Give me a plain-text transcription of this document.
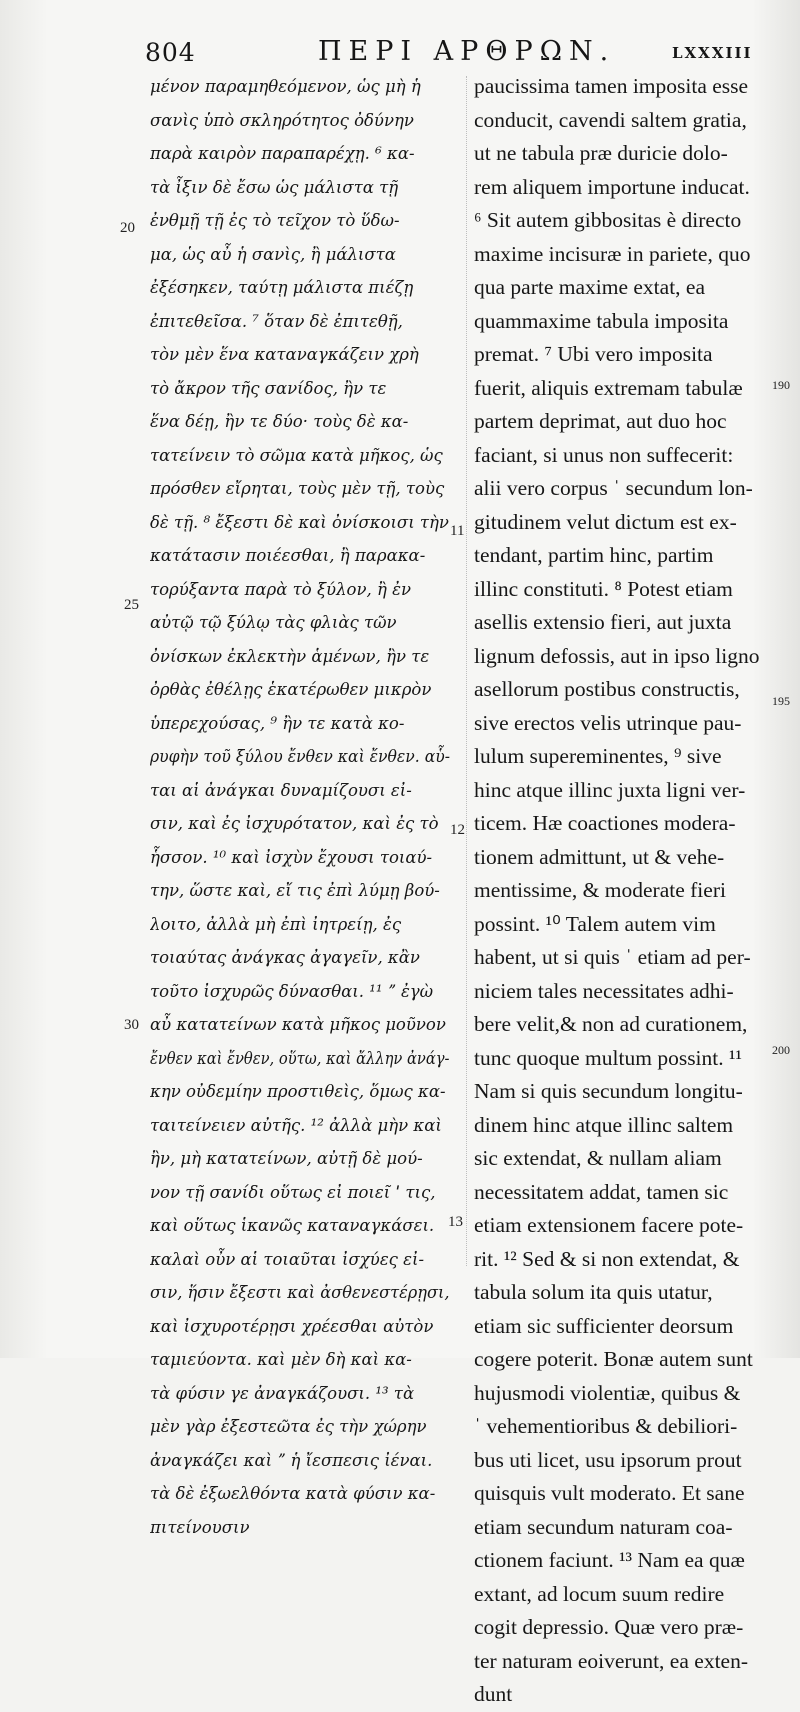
804	ΠΕΡΙ ΑΡΘΡΩΝ.	LXXXIII
μένον παραμηθεόμενον, ὡς μὴ ἡ
σανὶς ὑπὸ σκληρότητος ὀδύνην
παρὰ καιρὸν παραπαρέχῃ. ⁶ κα-
τὰ ἶξιν δὲ ἔσω ὡς μάλιστα τῇ
ἐνθμῇ τῇ ἐς τὸ τεῖχον τὸ ὕδω-
μα, ὡς αὖ ἡ σανὶς, ἢ μάλιστα
ἐξέσηκεν, ταύτῃ μάλιστα πιέζῃ
ἐπιτεθεῖσα. ⁷ ὅταν δὲ ἐπιτεθῇ,
τὸν μὲν ἕνα καταναγκάζειν χρὴ
τὸ ἄκρον τῆς σανίδος, ἢν τε
ἕνα δέῃ, ἢν τε δύο· τοὺς δὲ κα-
τατείνειν τὸ σῶμα κατὰ μῆκος, ὡς
πρόσθεν εἴρηται, τοὺς μὲν τῇ, τοὺς
δὲ τῇ. ⁸ ἔξεστι δὲ καὶ ὀνίσκοισι τὴν
κατάτασιν ποιέεσθαι, ἢ παρακα-
τορύξαντα παρὰ τὸ ξύλον, ἢ ἐν
αὐτῷ τῷ ξύλῳ τὰς φλιὰς τῶν
ὀνίσκων ἐκλεκτὴν ἁμένων, ἢν τε
ὀρθὰς ἐθέλῃς ἑκατέρωθεν μικρὸν
ὑπερεχούσας, ⁹ ἢν τε κατὰ κο-
ρυφὴν τοῦ ξύλου ἔνθεν καὶ ἔνθεν. αὗ-
ται αἱ ἀνάγκαι δυναμίζουσι εἰ-
σιν, καὶ ἐς ἰσχυρότατον, καὶ ἐς τὸ
ἧσσον. ¹⁰ καὶ ἰσχὺν ἔχουσι τοιαύ-
την, ὥστε καὶ, εἴ τις ἐπὶ λύμῃ βού-
λοιτο, ἀλλὰ μὴ ἐπὶ ἰητρείῃ, ἐς
τοιαύτας ἀνάγκας ἀγαγεῖν, κἂν
τοῦτο ἰσχυρῶς δύνασθαι. ¹¹ ˮ ἐγὼ
αὖ κατατείνων κατὰ μῆκος μοῦνον
ἔνθεν καὶ ἔνθεν, οὕτω, καὶ ἄλλην ἀνάγ-
κην οὐδεμίην προστιθεὶς, ὅμως κα-
ταιτείνειεν αὐτῆς. ¹² ἀλλὰ μὴν καὶ
ἢν, μὴ κατατείνων, αὐτῇ δὲ μού-
νον τῇ σανίδι οὕτως εἰ ποιεῖ ˈ τις,
καὶ οὕτως ἱκανῶς καταναγκάσει.
καλαὶ οὖν αἱ τοιαῦται ἰσχύες εἰ-
σιν, ἥσιν ἔξεστι καὶ ἀσθενεστέρῃσι,
καὶ ἰσχυροτέρῃσι χρέεσθαι αὐτὸν
ταμιεύοντα. καὶ μὲν δὴ καὶ κα-
τὰ φύσιν γε ἀναγκάζουσι. ¹³ τὰ
μὲν γὰρ ἐξεστεῶτα ἐς τὴν χώρην
ἀναγκάζει καὶ ˮ ἡ ἴεσπεσις ἰέναι.
τὰ δὲ ἐξωελθόντα κατὰ φύσιν κα-
πιτείνουσιν
paucissima tamen imposita esse
conducit, cavendi saltem gratia,
ut ne tabula præ duricie dolo-
rem aliquem importune inducat.
⁶ Sit autem gibbositas è directo
maxime incisuræ in pariete, quo
qua parte maxime extat, ea
quammaxime tabula imposita
premat. ⁷ Ubi vero imposita
fuerit, aliquis extremam tabulæ
partem deprimat, aut duo hoc
faciant, si unus non suffecerit:
alii vero corpus ˈ secundum lon-
gitudinem velut dictum est ex-
tendant, partim hinc, partim
illinc constituti. ⁸ Potest etiam
asellis extensio fieri, aut juxta
lignum defossis, aut in ipso ligno
asellorum postibus constructis,
sive erectos velis utrinque pau-
lulum supereminentes, ⁹ sive
hinc atque illinc juxta ligni ver-
ticem. Hæ coactiones modera-
tionem admittunt, ut & vehe-
mentissime, & moderate fieri
possint. ¹⁰ Talem autem vim
habent, ut si quis ˈ etiam ad per-
niciem tales necessitates adhi-
bere velit,& non ad curationem,
tunc quoque multum possint. ¹¹
Nam si quis secundum longitu-
dinem hinc atque illinc saltem
sic extendat, & nullam aliam
necessitatem addat, tamen sic
etiam extensionem facere pote-
rit. ¹² Sed & si non extendat, &
tabula solum ita quis utatur,
etiam sic sufficienter deorsum
cogere poterit. Bonæ autem sunt
hujusmodi violentiæ, quibus &
ˈ vehementioribus & debiliori-
bus uti licet, usu ipsorum prout
quisquis vult moderato. Et sane
etiam secundum naturam coa-
ctionem faciunt. ¹³ Nam ea quæ
extant, ad locum suum redire
cogit depressio. Quæ vero præ-
ter naturam eoiverunt, ea exten-
dunt
20
25
30
11
12
13
190
195
200
